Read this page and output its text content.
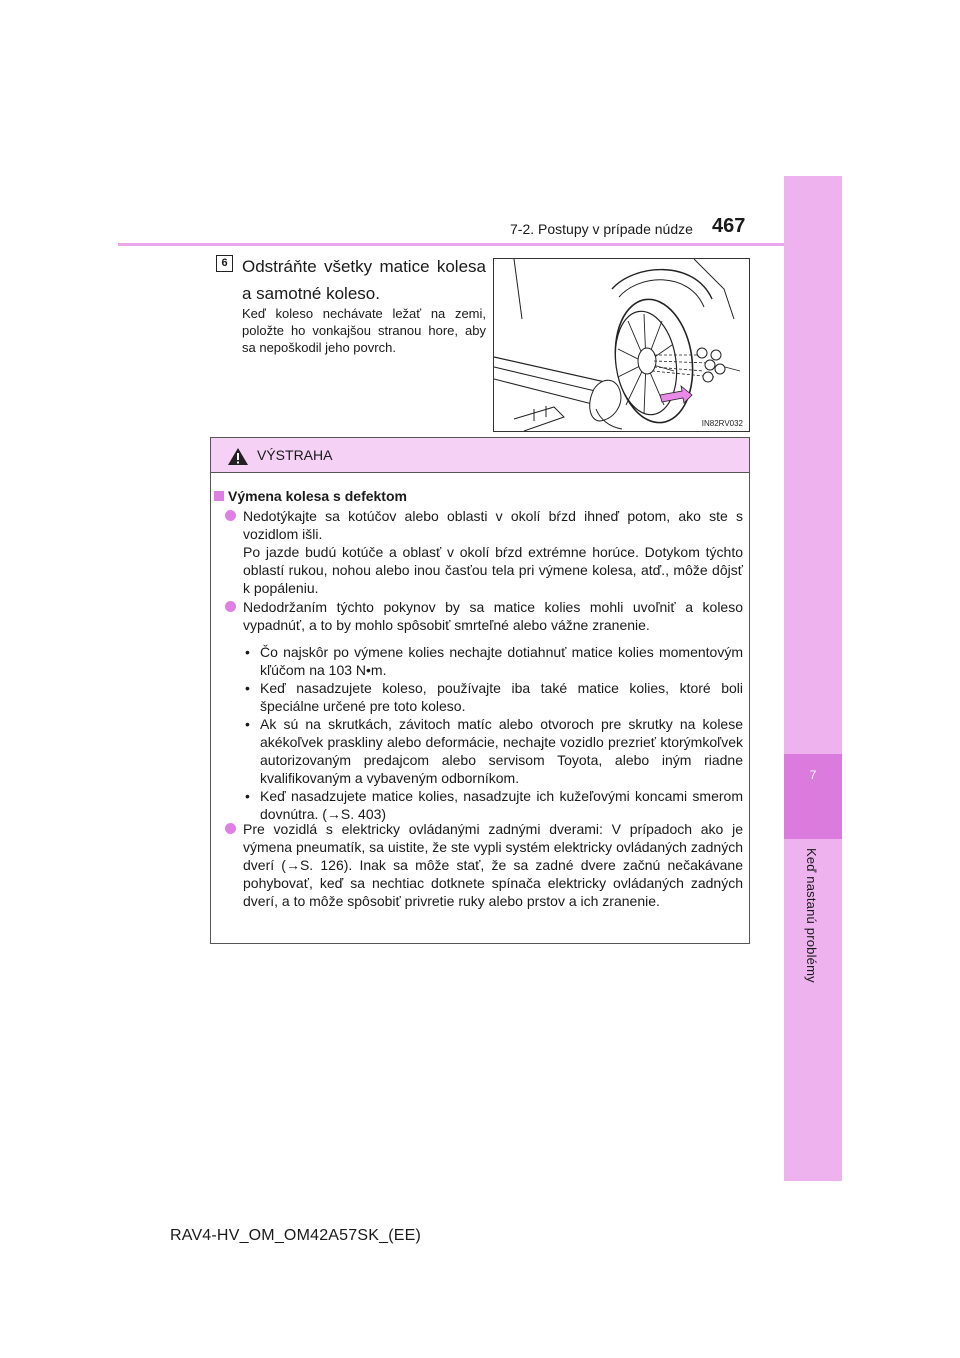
7-2. Postupy v prípade núdze 467
7
Keď nastanú problémy
6 Odstráňte všetky matice kolesa a samotné koleso.
Keď koleso nechávate ležať na zemi, položte ho vonkajšou stranou hore, aby sa nepoškodil jeho povrch.
IN82RV032
VÝSTRAHA
Výmena kolesa s defektom

Nedotýkajte sa kotúčov alebo oblasti v okolí bŕzd ihneď potom, ako ste s vozidlom išli.

Po jazde budú kotúče a oblasť v okolí bŕzd extrémne horúce. Dotykom týchto oblastí rukou, nohou alebo inou časťou tela pri výmene kolesa, atď., môže dôjsť k popáleniu.

Nedodržaním týchto pokynov by sa matice kolies mohli uvoľniť a koleso vypadnúť, a to by mohlo spôsobiť smrteľné alebo vážne zranenie.

• Čo najskôr po výmene kolies nechajte dotiahnuť matice kolies momentovým kľúčom na 103 N•m.
• Keď nasadzujete koleso, používajte iba také matice kolies, ktoré boli špeciálne určené pre toto koleso.
• Ak sú na skrutkách, závitoch matíc alebo otvoroch pre skrutky na kolese akékoľvek praskliny alebo deformácie, nechajte vozidlo prezrieť ktorýmkoľvek autorizovaným predajcom alebo servisom Toyota, alebo iným riadne kvalifikovaným a vybaveným odborníkom.
• Keď nasadzujete matice kolies, nasadzujte ich kužeľovými koncami smerom dovnútra. (→S. 403)

Pre vozidlá s elektricky ovládanými zadnými dverami: V prípadoch ako je výmena pneumatík, sa uistite, že ste vypli systém elektricky ovládaných zadných dverí (→S. 126). Inak sa môže stať, že sa zadné dvere začnú nečakávane pohybovať, keď sa nechtiac dotknete spínača elektricky ovládaných zadných dverí, a to môže spôsobiť privretie ruky alebo prstov a ich zranenie.

RAV4-HV_OM_OM42A57SK_(EE)
